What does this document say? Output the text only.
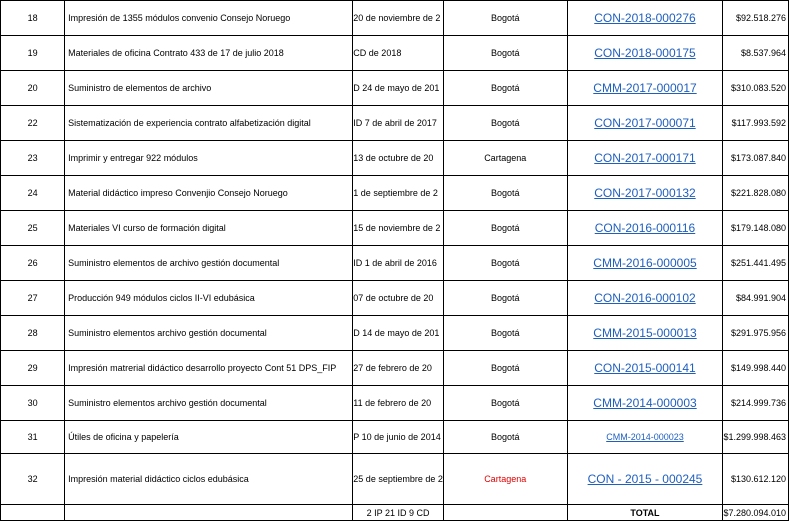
18	Impresión de 1355 módulos convenio Consejo Noruego	20 de noviembre de 2	Bogotá	CON-2018-000276	$92.518.276
19	Materiales de oficina Contrato 433 de 17 de julio 2018	CD de 2018	Bogotá	CON-2018-000175	$8.537.964
20	Suministro de elementos de archivo	D 24 de mayo de 201	Bogotá	CMM-2017-000017	$310.083.520
22	Sistematización de experiencia contrato alfabetización digital	ID 7 de abril de 2017	Bogotá	CON-2017-000071	$117.993.592
23	Imprimir y entregar 922 módulos	13 de octubre de 20	Cartagena	CON-2017-000171	$173.087.840
24	Material didáctico impreso Convenjio Consejo Noruego	1 de septiembre de 2	Bogotá	CON-2017-000132	$221.828.080
25	Materiales VI curso de formación digital	15 de noviembre de 2	Bogotá	CON-2016-000116	$179.148.080
26	Suministro elementos de archivo gestión documental	ID 1 de abril de 2016	Bogotá	CMM-2016-000005	$251.441.495
27	Producción 949 módulos ciclos II-VI edubásica	07 de octubre de 20	Bogotá	CON-2016-000102	$84.991.904
28	Suministro elementos archivo gestión documental	D 14 de mayo de 201	Bogotá	CMM-2015-000013	$291.975.956
29	Impresión matrerial didáctico desarrollo proyecto Cont 51 DPS_FIP	27 de febrero de 20	Bogotá	CON-2015-000141	$149.998.440
30	Suministro elementos archivo gestión documental	11 de febrero de 20	Bogotá	CMM-2014-000003	$214.999.736
31	Útiles de oficina y papelería	P 10 de junio de 2014	Bogotá	CMM-2014-000023	$1.299.998.463
32	Impresión material didáctico ciclos edubásica	25 de septiembre de 2	Cartagena	CON - 2015 - 000245	$130.612.120
		2 IP 21 ID 9 CD		TOTAL	$7.280.094.010
